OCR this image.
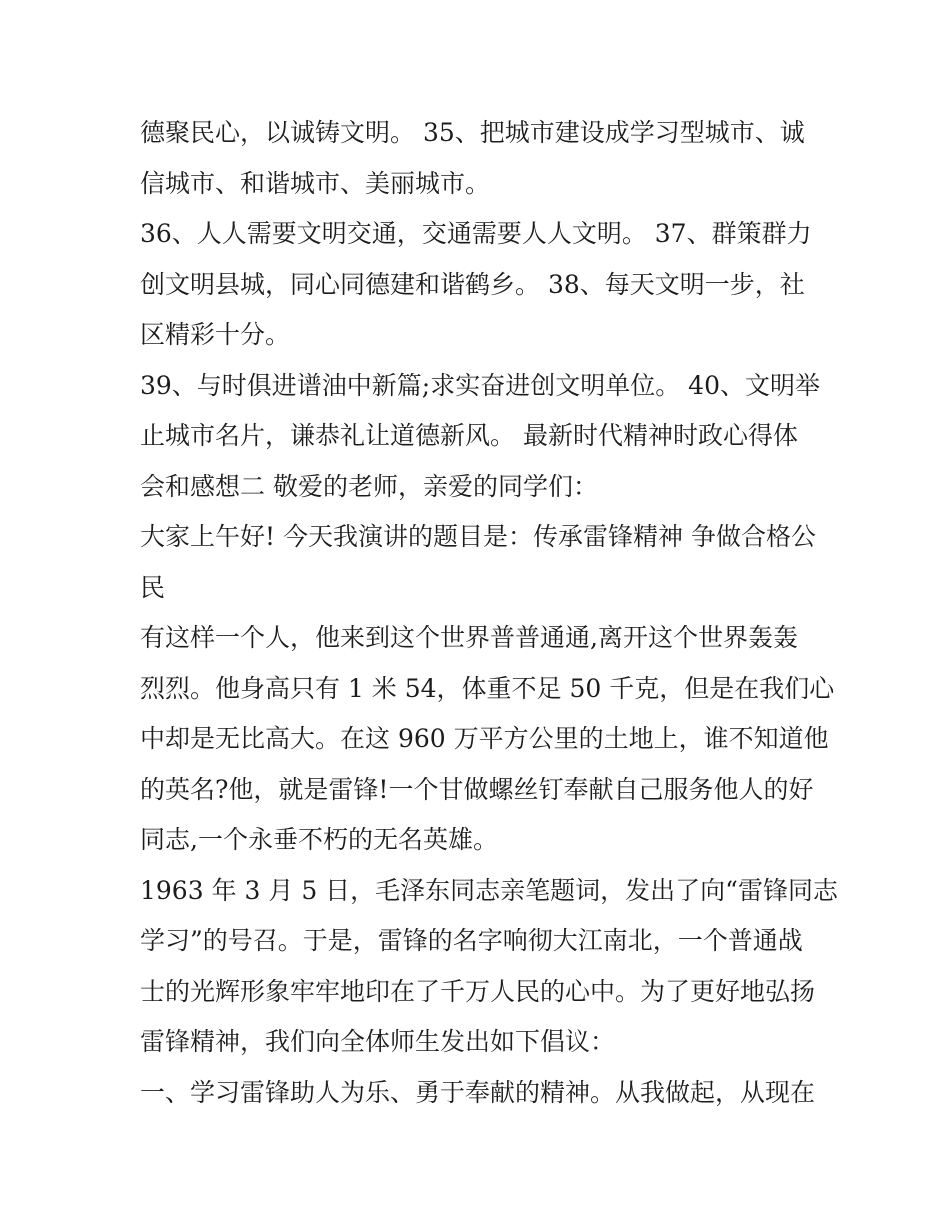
德聚民心，以诚铸文明。 35、把城市建设成学习型城市、诚
信城市、和谐城市、美丽城市。
36、人人需要文明交通，交通需要人人文明。 37、群策群力
创文明县城，同心同德建和谐鹤乡。 38、每天文明一步，社
区精彩十分。
39、与时俱进谱油中新篇;求实奋进创文明单位。 40、文明举
止城市名片，谦恭礼让道德新风。 最新时代精神时政心得体
会和感想二 敬爱的老师，亲爱的同学们：
大家上午好! 今天我演讲的题目是：传承雷锋精神 争做合格公
民
有这样一个人，他来到这个世界普普通通,离开这个世界轰轰
烈烈。他身高只有 1 米 54，体重不足 50 千克，但是在我们心
中却是无比高大。在这 960 万平方公里的土地上，谁不知道他
的英名?他，就是雷锋!一个甘做螺丝钉奉献自己服务他人的好
同志,一个永垂不朽的无名英雄。
1963 年 3 月 5 日，毛泽东同志亲笔题词，发出了向“雷锋同志
学习”的号召。于是，雷锋的名字响彻大江南北，一个普通战
士的光辉形象牢牢地印在了千万人民的心中。为了更好地弘扬
雷锋精神，我们向全体师生发出如下倡议：
一、学习雷锋助人为乐、勇于奉献的精神。从我做起，从现在
